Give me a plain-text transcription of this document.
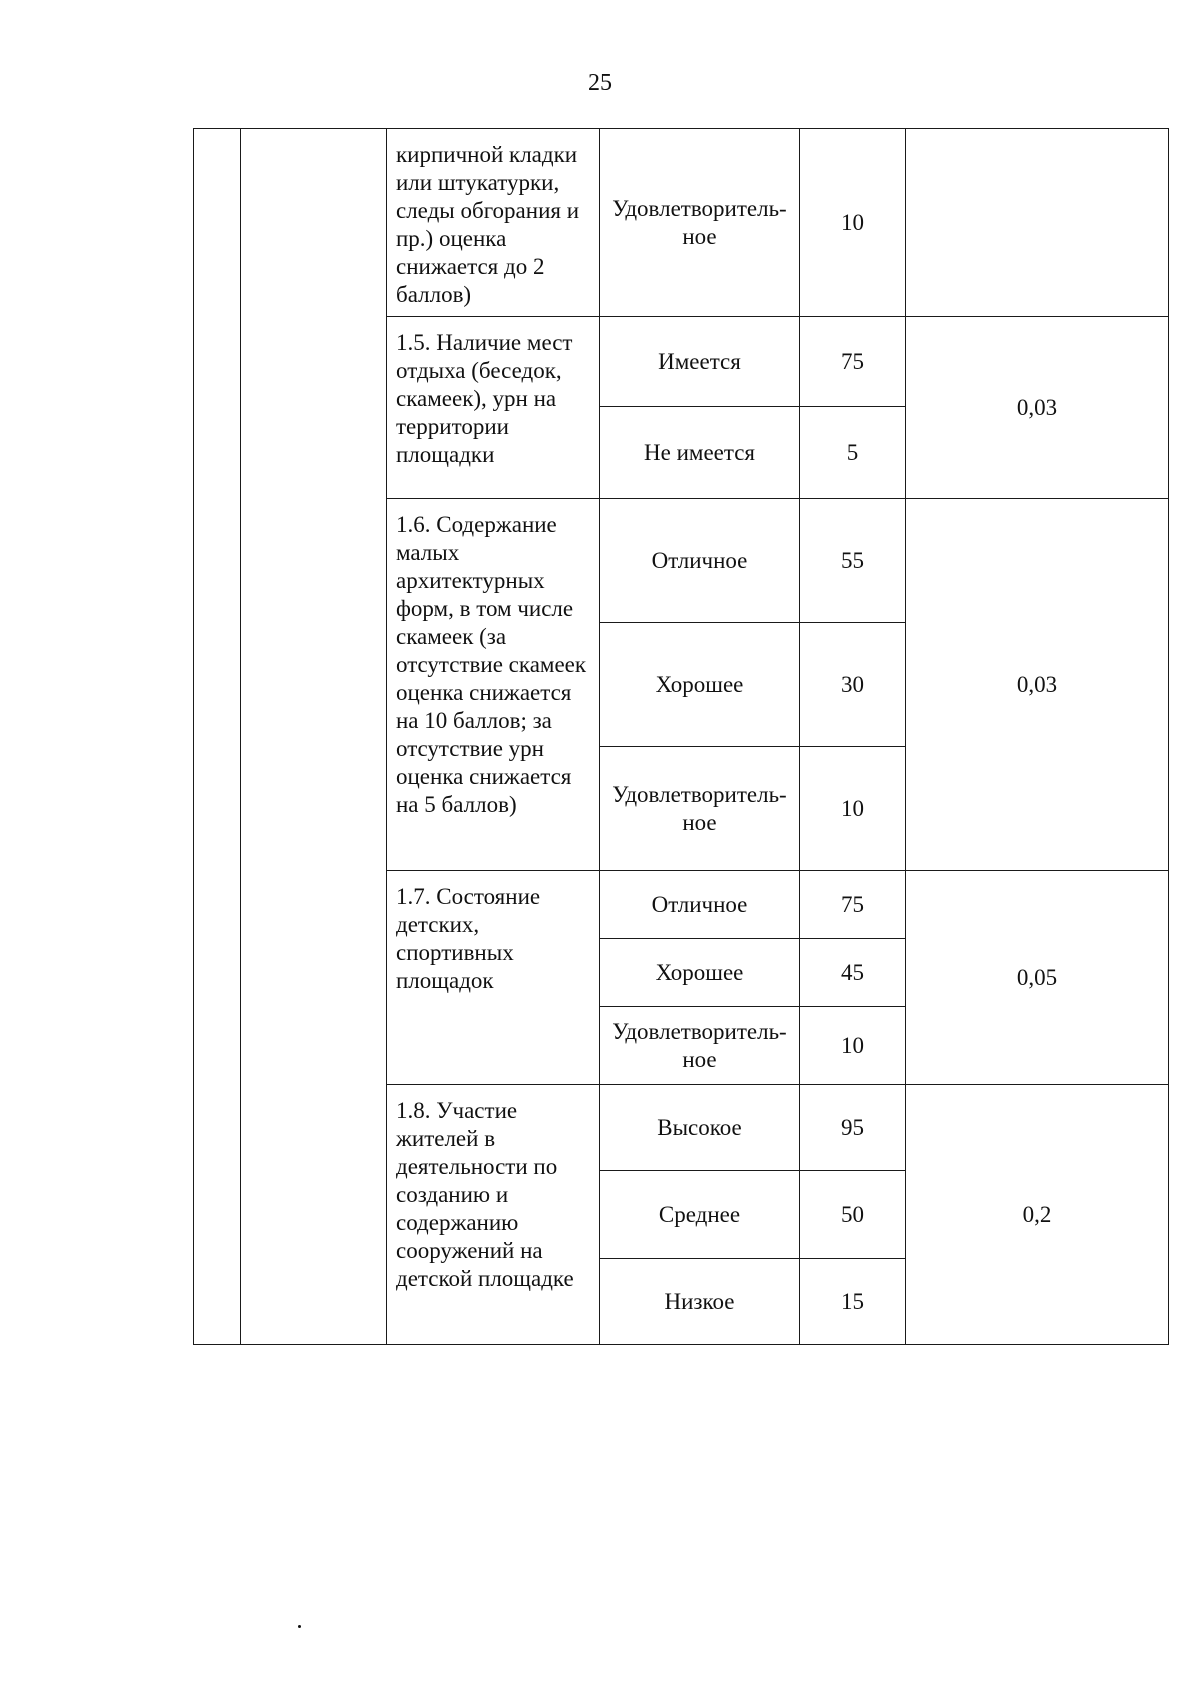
25
		кирпичной кладки или штукатурки, следы обгорания и пр.) оценка снижается до 2 баллов)	Удовлетворитель-ное	10	
		1.5. Наличие мест отдыха (беседок, скамеек), урн на территории площадки	Имеется	75	0,03
			Не имеется	5	
		1.6. Содержание малых архитектурных форм, в том числе скамеек (за отсутствие скамеек оценка снижается на 10 баллов; за отсутствие урн оценка снижается на 5 баллов)	Отличное	55	0,03
			Хорошее	30	
			Удовлетворитель-ное	10	
		1.7. Состояние детских, спортивных площадок	Отличное	75	0,05
			Хорошее	45	
			Удовлетворитель-ное	10	
		1.8. Участие жителей в деятельности по созданию и содержанию сооружений на детской площадке	Высокое	95	0,2
			Среднее	50	
			Низкое	15	
